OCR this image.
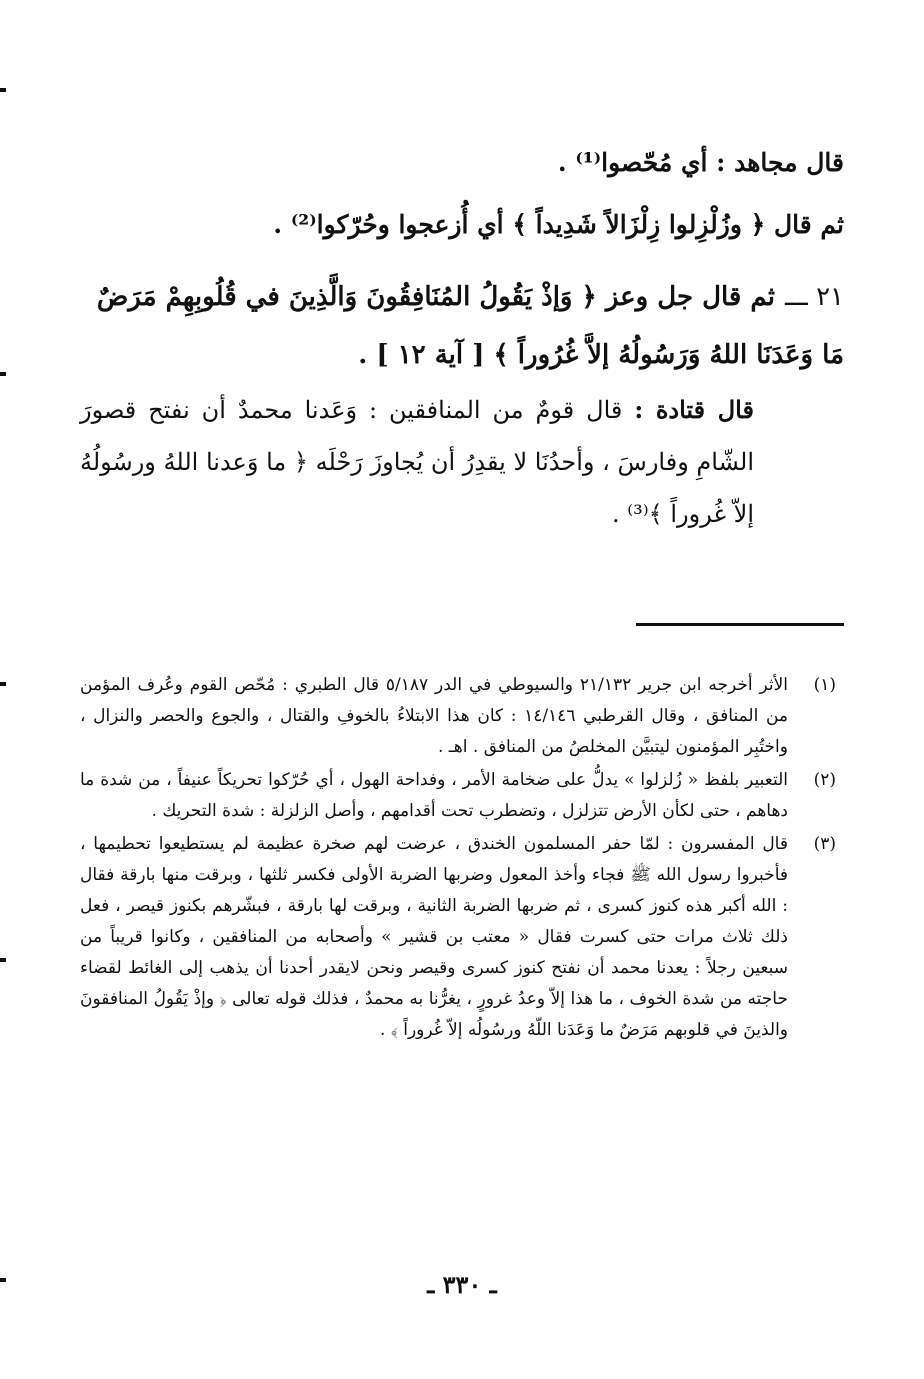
قال مجاهد : أي مُحّصوا⁽¹⁾ .
ثم قال ﴿ وزُلْزِلوا زِلْزَالاً شَدِيداً ﴾ أي أُزعجوا وحُرّكوا⁽²⁾ .
٢١ ـــثم قال جل وعز ﴿ وَإذْ يَقُولُ المُنَافِقُونَ وَالَّذِينَ في قُلُوبِهِمْ مَرَضٌ مَا وَعَدَنَا اللهُ وَرَسُولُهُ إلاَّ غُرُوراً ﴾ [ آية ١٢ ] .
قال قتادة : قال قومٌ من المنافقين : وَعَدنا محمدٌ أن نفتح قصورَ الشّامِ وفارسَ ، وأحدُنَا لا يقدِرُ أن يُجاوزَ رَحْلَه ﴿ ما وَعدنا اللهُ ورسُولُهُ إلاّ غُروراً ﴾⁽³⁾ .
(١)
الأثر أخرجه ابن جرير ٢١/١٣٢ والسيوطي في الدر ٥/١٨٧ قال الطبري : مُحّص القوم وعُرف المؤمن من المنافق ، وقال القرطبي ١٤/١٤٦ : كان هذا الابتلاءُ بالخوفِ والقتال ، والجوع والحصر والنزال ، واختُبِر المؤمنون ليتبيَّن المخلصُ من المنافق . اهـ .
(٢)
التعبير بلفظ « زُلزلوا » يدلُّ على ضخامة الأمر ، وفداحة الهول ، أي حُرّكوا تحريكاً عنيفاً ، من شدة ما دهاهم ، حتى لكأن الأرض تتزلزل ، وتضطرب تحت أقدامهم ، وأصل الزلزلة : شدة التحريك .
(٣)
قال المفسرون : لمّا حفر المسلمون الخندق ، عرضت لهم صخرة عظيمة لم يستطيعوا تحطيمها ، فأخبروا رسول الله ﷺ فجاء وأخذ المعول وضربها الضربة الأولى فكسر ثلثها ، وبرقت منها بارقة فقال : الله أكبر هذه كنوز كسرى ، ثم ضربها الضربة الثانية ، وبرقت لها بارقة ، فبشّرهم بكنوز قيصر ، فعل ذلك ثلاث مرات حتى كسرت فقال « معتب بن قشير » وأصحابه من المنافقين ، وكانوا قريباً من سبعين رجلاً : يعدنا محمد أن نفتح كنوز كسرى وقيصر ونحن لايقدر أحدنا أن يذهب إلى الغائط لقضاء حاجته من شدة الخوف ، ما هذا إلاّ وعدُ غرورٍ ، يغرُّنا به محمدٌ ، فذلك قوله تعالى ﴿ وإذْ يَقُولُ المنافقونَ والذينَ في قلوبهم مَرَضٌ ما وَعَدَنا اللّهُ ورسُولُه إلاّ غُروراً ﴾ .
ـ ٣٣٠ ـ
